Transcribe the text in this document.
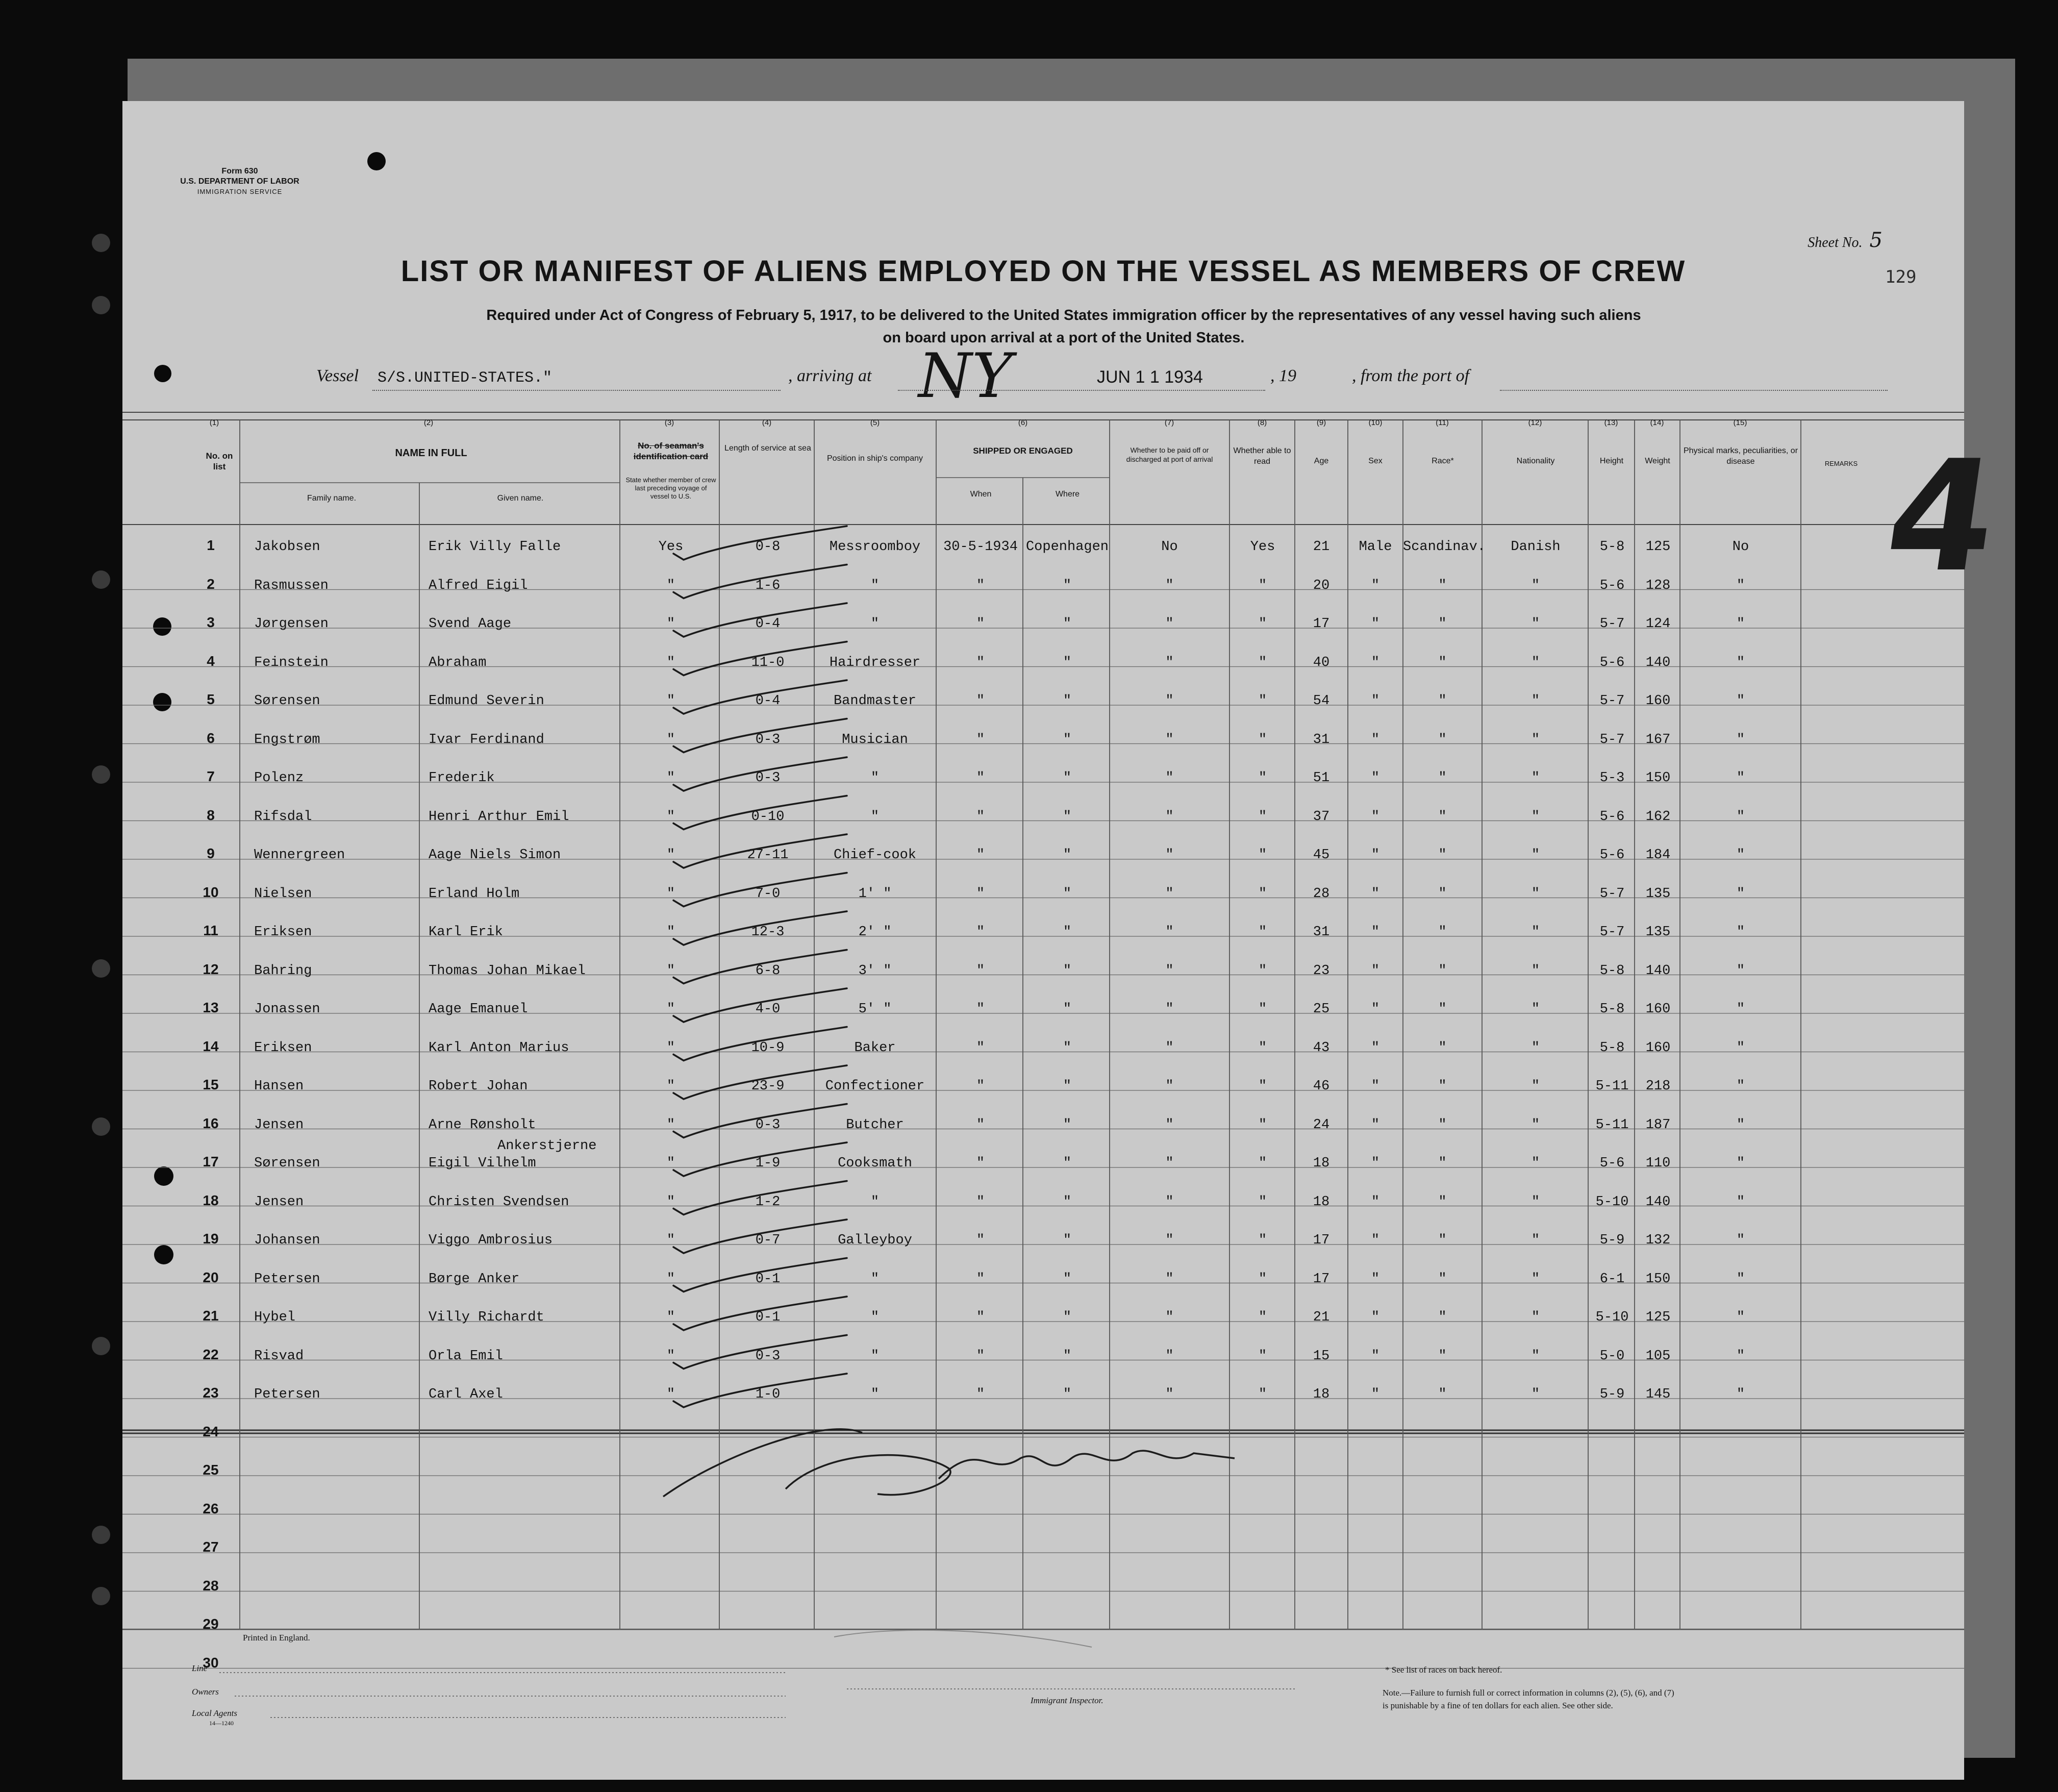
Form 630
U.S. DEPARTMENT OF LABOR
IMMIGRATION SERVICE
Sheet No. 5
129
LIST OR MANIFEST OF ALIENS EMPLOYED ON THE VESSEL AS MEMBERS OF CREW
Required under Act of Congress of February 5, 1917, to be delivered to the United States immigration officer by the representatives of any vessel having such aliens
on board upon arrival at a port of the United States.
Vessel S/S.UNITED-STATES."	, arriving at NY	JUN 1 1 1934	, 19	, from the port of
(1)	(2)	(3)	(4)	(5)	(6)	(7)	(8)	(9)	(10)	(11)	(12)	(13)	(14)	(15)
No. on list
NAME IN FULL
Family name.	Given name.
No. of seaman's identification card
State whether member of crew last preceding voyage of vessel to U.S.
Length of service at sea
Position in ship's company
SHIPPED OR ENGAGED
When	Where
Whether to be paid off or discharged at port of arrival
Whether able to read	Age	Sex	Race*	Nationality	Height	Weight
Physical marks, peculiarities, or disease	REMARKS
1	Jakobsen	Erik Villy Falle	Yes	0-8	Messroomboy	30-5-1934 Copenhagen	No	Yes	21	Male Scandinav.	Danish	5-8	125	No
2	Rasmussen	Alfred Eigil	"	1-6	"	"	"	"	"	20	"	"	"	5-6	128	"
3	Jørgensen	Svend Aage	"	0-4	"	"	"	"	"	17	"	"	"	5-7	124	"
4	Feinstein	Abraham	"	11-0	Hairdresser	"	"	"	"	40	"	"	"	5-6	140	"
5	Sørensen	Edmund Severin	"	0-4	Bandmaster	"	"	"	"	54	"	"	"	5-7	160	"
6	Engstrøm	Ivar Ferdinand	"	0-3	Musician	"	"	"	"	31	"	"	"	5-7	167	"
7	Polenz	Frederik	"	0-3	"	"	"	"	"	51	"	"	"	5-3	150	"
8	Rifsdal	Henri Arthur Emil	"	0-10	"	"	"	"	"	37	"	"	"	5-6	162	"
9	Wennergreen	Aage Niels Simon	"	27-11	Chief-cook	"	"	"	"	45	"	"	"	5-6	184	"
10	Nielsen	Erland Holm	"	7-0	1' "	"	"	"	"	28	"	"	"	5-7	135	"
11	Eriksen	Karl Erik	"	12-3	2' "	"	"	"	"	31	"	"	"	5-7	135	"
12	Bahring	Thomas Johan Mikael	"	6-8	3' "	"	"	"	"	23	"	"	"	5-8	140	"
13	Jonassen	Aage Emanuel	"	4-0	5' "	"	"	"	"	25	"	"	"	5-8	160	"
14	Eriksen	Karl Anton Marius	"	10-9	Baker	"	"	"	"	43	"	"	"	5-8	160	"
15	Hansen	Robert Johan	"	23-9	Confectioner	"	"	"	"	46	"	"	"	5-11	218	"
16	Jensen	Arne Rønsholt	"	0-3	Butcher	"	"	"	"	24	"	"	"	5-11	187	"
17	Sørensen	Eigil Vilhelm	"	1-9	Cooksmath	"	"	"	"	18	"	"	"	5-6	110	"
Ankerstjerne
18	Jensen	Christen Svendsen	"	1-2	"	"	"	"	"	18	"	"	"	5-10	140	"
19	Johansen	Viggo Ambrosius	"	0-7	Galleyboy	"	"	"	"	17	"	"	"	5-9	132	"
20	Petersen	Børge Anker	"	0-1	"	"	"	"	"	17	"	"	"	6-1	150	"
21	Hybel	Villy Richardt	"	0-1	"	"	"	"	"	21	"	"	"	5-10	125	"
22	Risvad	Orla Emil	"	0-3	"	"	"	"	"	15	"	"	"	5-0	105	"
23	Petersen	Carl Axel	"	1-0	"	"	"	"	"	18	"	"	"	5-9	145	"
24
25
26
27
28
29
30
4
Printed in England.
Line
Owners
Local Agents
14—1240
Immigrant Inspector.
* See list of races on back hereof.
Note.—Failure to furnish full or correct information in columns (2), (5), (6), and (7)
is punishable by a fine of ten dollars for each alien. See other side.
